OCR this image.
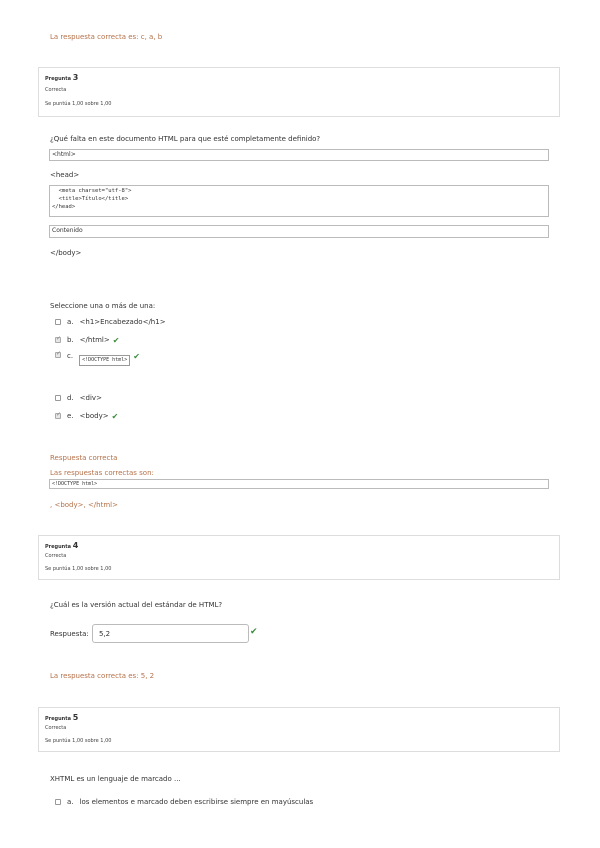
La respuesta correcta es: c, a, b
Pregunta 3
Correcta
Se puntúa 1,00 sobre 1,00
¿Qué falta en este documento HTML para que esté completamente definido?
<html>
<head>
<meta charset="utf-8">
<title>Título</title>
</head>
Contenido
</body>
Seleccione una o más de una:
a. <h1>Encabezado</h1>
✓
b. </html> ✔
✓
c.	<!DOCTYPE html> ✔
d. <div>
✓
e. <body> ✔
Respuesta correcta
Las respuestas correctas son:
<!DOCTYPE html>
, <body>, </html>
Pregunta 4
Correcta
Se puntúa 1,00 sobre 1,00
¿Cuál es la versión actual del estándar de HTML?
Respuesta:	5,2	✔
La respuesta correcta es: 5, 2
Pregunta 5
Correcta
Se puntúa 1,00 sobre 1,00
XHTML es un lenguaje de marcado ...
a. los elementos e marcado deben escribirse siempre en mayúsculas
